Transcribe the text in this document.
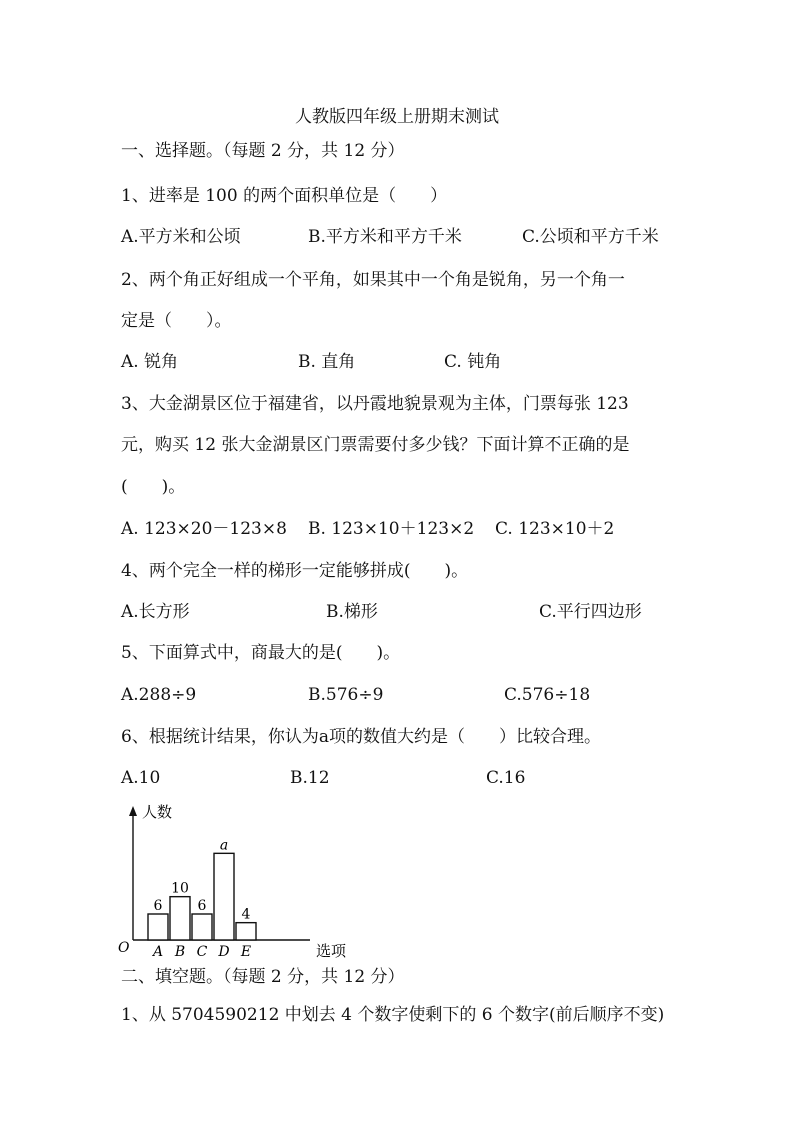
人教版四年级上册期末测试
一、选择题。（每题 2 分，共 12 分）
1、进率是 100 的两个面积单位是（　　）
A.平方米和公顷	B.平方米和平方千米	C.公顷和平方千米
2、两个角正好组成一个平角，如果其中一个角是锐角，另一个角一
定是（　　）。
A. 锐角	B. 直角	C. 钝角
3、大金湖景区位于福建省，以丹霞地貌景观为主体，门票每张 123
元，购买 12 张大金湖景区门票需要付多少钱？下面计算不正确的是
(　　)。
A. 123×20－123×8 B. 123×10＋123×2 C. 123×10＋2
4、两个完全一样的梯形一定能够拼成(　　)。
A.长方形	B.梯形	C.平行四边形
5、下面算式中，商最大的是(　　)。
A.288÷9	B.576÷9	C.576÷18
6、根据统计结果，你认为a项的数值大约是（　　）比较合理。
A.10	B.12	C.16
人数
选项
O
6
A
10
B
6
C
a
D
4
E
二、填空题。（每题 2 分，共 12 分）
1、从 5704590212 中划去 4 个数字使剩下的 6 个数字(前后顺序不变)
